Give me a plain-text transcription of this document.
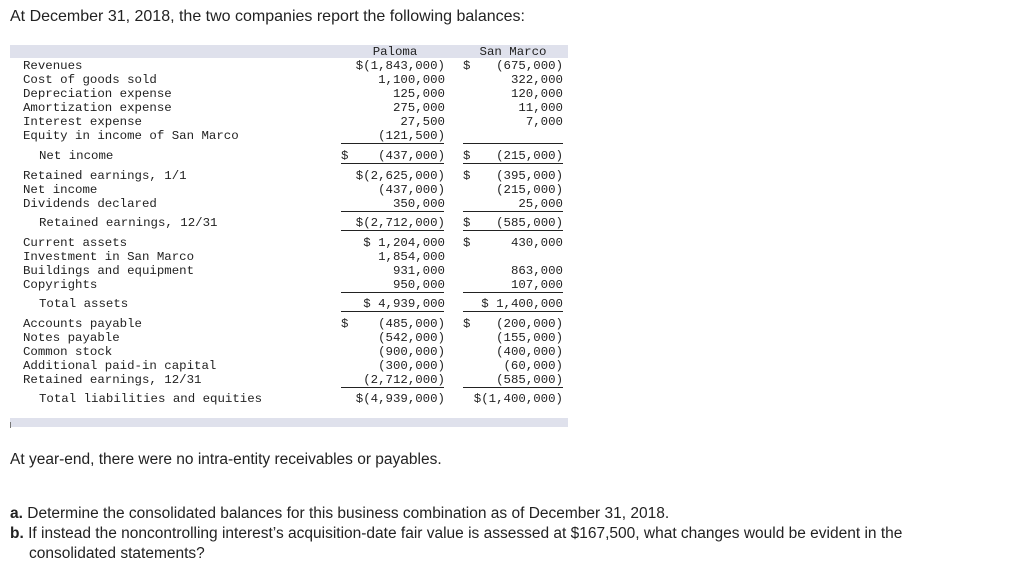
At December 31, 2018, the two companies report the following balances:
Paloma	San Marco
Revenues	$(1,843,000) $ (675,000)
Cost of goods sold	1,100,000	322,000
Depreciation expense	125,000	120,000
Amortization expense	275,000	11,000
Interest expense	27,500	7,000
Equity in income of San Marco	(121,500)
Net income	$ (437,000) $ (215,000)
Retained earnings, 1/1	$(2,625,000) $ (395,000)
Net income	(437,000)	(215,000)
Dividends declared	350,000	25,000
Retained earnings, 12/31	$(2,712,000) $ (585,000)
Current assets	$ 1,204,000 $	430,000
Investment in San Marco	1,854,000
Buildings and equipment	931,000	863,000
Copyrights	950,000	107,000
Total assets	$ 4,939,000	$ 1,400,000
Accounts payable	$ (485,000) $ (200,000)
Notes payable	(542,000)	(155,000)
Common stock	(900,000)	(400,000)
Additional paid-in capital	(300,000)	(60,000)
Retained earnings, 12/31	(2,712,000)	(585,000)
Total liabilities and equities	$(4,939,000) $(1,400,000)
At year-end, there were no intra-entity receivables or payables.
a. Determine the consolidated balances for this business combination as of December 31, 2018.
b. If instead the noncontrolling interest’s acquisition-date fair value is assessed at $167,500, what changes would be evident in the
consolidated statements?
